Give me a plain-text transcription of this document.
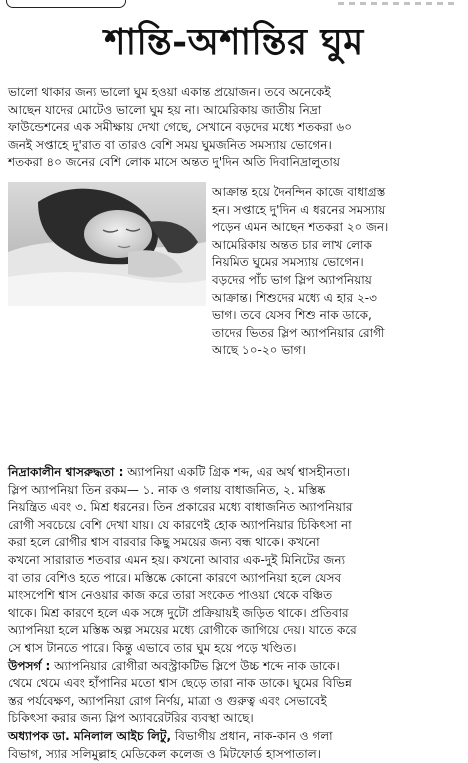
শান্তি-অশান্তির ঘুম
ভালো থাকার জন্য ভালো ঘুম হওয়া একান্ত প্রয়োজন। তবে অনেকেই
আছেন যাদের মোটেও ভালো ঘুম হয় না। আমেরিকায় জাতীয় নিদ্রা
ফাউন্ডেশনের এক সমীক্ষায় দেখা গেছে, সেখানে বড়দের মধ্যে শতকরা ৬০
জনই সপ্তাহে দু'রাত বা তারও বেশি সময় ঘুমজনিত সমস্যায় ভোগেন।
শতকরা ৪০ জনের বেশি লোক মাসে অন্তত দু'দিন অতি দিবানিদ্রালুতায়
আক্রান্ত হয়ে দৈনন্দিন কাজে বাধাগ্রস্ত
হন। সপ্তাহে দু'দিন এ ধরনের সমস্যায়
পড়েন এমন আছেন শতকরা ২০ জন।
আমেরিকায় অন্তত চার লাখ লোক
নিয়মিত ঘুমের সমস্যায় ভোগেন।
বড়দের পাঁচ ভাগ স্লিপ অ্যাপনিয়ায়
আক্রান্ত। শিশুদের মধ্যে এ হার ২-৩
ভাগ। তবে যেসব শিশু নাক ডাকে,
তাদের ভিতর স্লিপ অ্যাপনিয়ার রোগী
আছে ১০-২০ ভাগ।
নিদ্রাকালীন শ্বাসরুদ্ধতা : অ্যাপনিয়া একটি গ্রিক শব্দ, এর অর্থ শ্বাসহীনতা।
স্লিপ অ্যাপনিয়া তিন রকম— ১. নাক ও গলায় বাধাজনিত, ২. মস্তিষ্ক
নিয়ন্ত্রিত এবং ৩. মিশ্র ধরনের। তিন প্রকারের মধ্যে বাধাজনিত অ্যাপনিয়ার
রোগী সবচেয়ে বেশি দেখা যায়। যে কারণেই হোক অ্যাপনিয়ার চিকিৎসা না
করা হলে রোগীর শ্বাস বারবার কিছু সময়ের জন্য বন্ধ থাকে। কখনো
কখনো সারারাত শতবার এমন হয়। কখনো আবার এক-দুই মিনিটের জন্য
বা তার বেশিও হতে পারে। মস্তিষ্কে কোনো কারণে অ্যাপনিয়া হলে যেসব
মাংসপেশি শ্বাস নেওয়ার কাজ করে তারা সংকেত পাওয়া থেকে বঞ্চিত
থাকে। মিশ্র কারণে হলে এক সঙ্গে দুটো প্রক্রিয়ায়ই জড়িত থাকে। প্রতিবার
অ্যাপনিয়া হলে মস্তিষ্ক অল্প সময়ের মধ্যে রোগীকে জাগিয়ে দেয়। যাতে করে
সে শ্বাস টানতে পারে। কিন্তু এভাবে তার ঘুম হয়ে পড়ে খণ্ডিত।
উপসর্গ : অ্যাপনিয়ার রোগীরা অবস্ট্রাকটিভ স্লিপে উচ্চ শব্দে নাক ডাকে।
থেমে থেমে এবং হাঁপানির মতো শ্বাস ছেড়ে তারা নাক ডাকে। ঘুমের বিভিন্ন
স্তর পর্যবেক্ষণ, অ্যাপনিয়া রোগ নির্ণয়, মাত্রা ও গুরুত্ব এবং সেভাবেই
চিকিৎসা করার জন্য স্লিপ অ্যাবরেটরির ব্যবস্থা আছে।
অধ্যাপক ডা. মনিলাল আইচ লিটু, বিভাগীয় প্রধান, নাক-কান ও গলা
বিভাগ, স্যার সলিমুল্লাহ মেডিকেল কলেজ ও মিটফোর্ড হাসপাতাল।
